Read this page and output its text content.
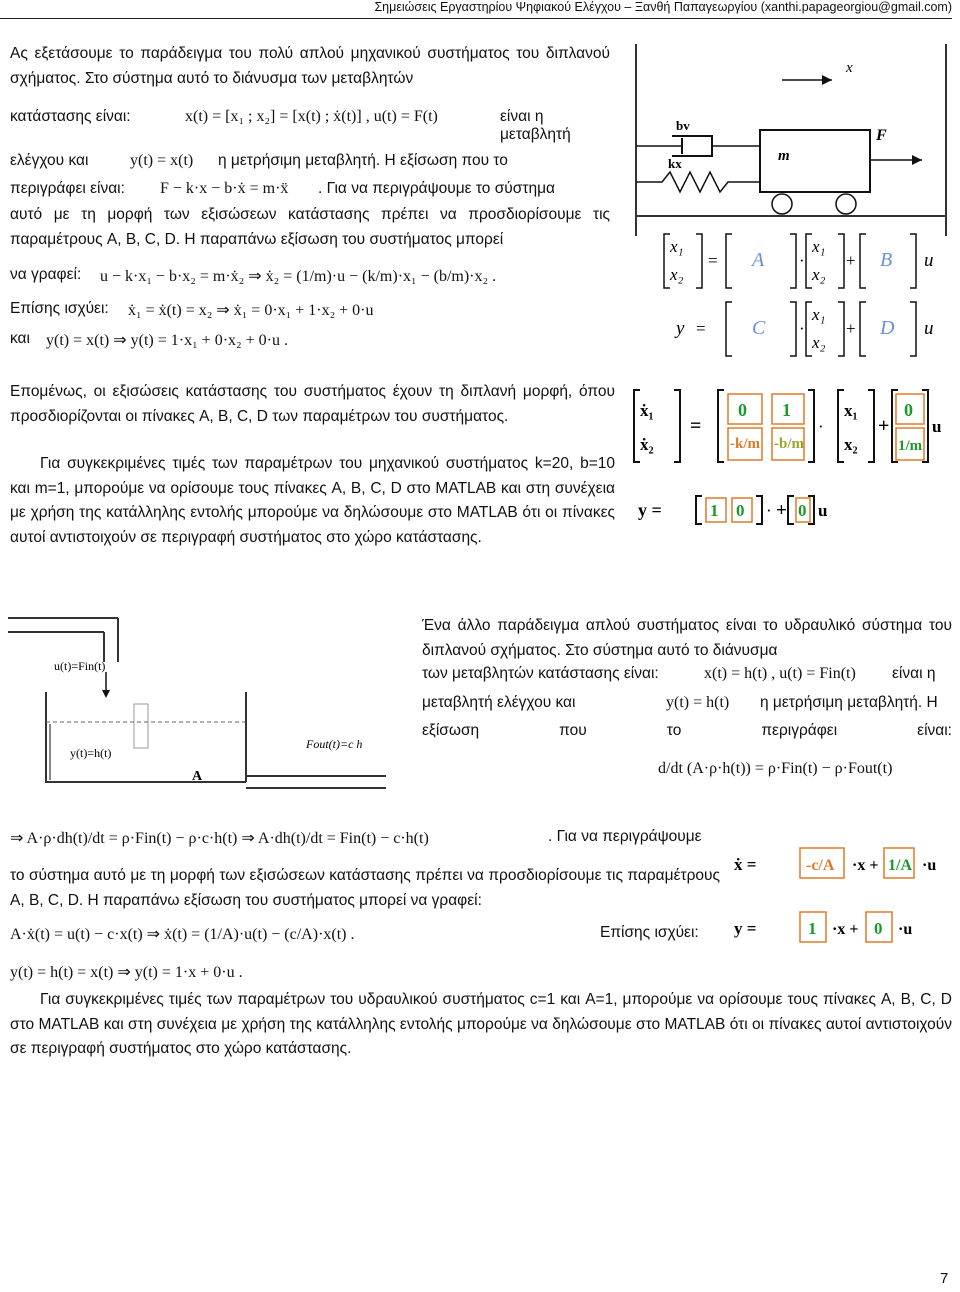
Σημειώσεις Εργαστηρίου Ψηφιακού Ελέγχου – Ξανθή Παπαγεωργίου (xanthi.papageorgiou@gmail.com)
Ας εξετάσουμε το παράδειγμα του πολύ απλού μηχανικού συστήματος του διπλανού σχήματος. Στο σύστημα αυτό το διάνυσμα των μεταβλητών
κατάστασης είναι:	x(t) = [x₁ ; x₂] = [x(t) ; ẋ(t)] , u(t) = F(t)	είναι η μεταβλητή
ελέγχου και	y(t) = x(t) η μετρήσιμη μεταβλητή. Η εξίσωση που το
περιγράφει είναι: F − k·x − b·ẋ = m·ẍ . Για να περιγράψουμε το σύστημα
αυτό με τη μορφή των εξισώσεων κατάστασης πρέπει να προσδιορίσουμε τις παραμέτρους A, B, C, D. Η παραπάνω εξίσωση του συστήματος μπορεί
να γραφεί: u − k·x₁ − b·x₂ = m·ẋ₂ ⇒ ẋ₂ = (1/m)·u − (k/m)·x₁ − (b/m)·x₂ .
Επίσης ισχύει: ẋ₁ = ẋ(t) = x₂ ⇒ ẋ₁ = 0·x₁ + 1·x₂ + 0·u
και y(t) = x(t) ⇒ y(t) = 1·x₁ + 0·x₂ + 0·u .
x
m
F
bv
kx
x₁
x₂
= A ·
x₁
x₂
+ B u
y = C ·
x₁
x₂
+ D u
Επομένως, οι εξισώσεις κατάστασης του συστήματος έχουν τη διπλανή μορφή, όπου προσδιορίζονται οι πίνακες A, B, C, D των παραμέτρων του συστήματος.
Για συγκεκριμένες τιμές των παραμέτρων του μηχανικού συστήματος k=20, b=10 και m=1, μπορούμε να ορίσουμε τους πίνακες A, B, C, D στο MATLAB και στη συνέχεια με χρήση της κατάλληλης εντολής μπορούμε να δηλώσουμε στο MATLAB ότι οι πίνακες αυτοί αντιστοιχούν σε περιγραφή συστήματος στο χώρο κατάστασης.
ẋ₁
ẋ₂
=
0 1
-k/m -b/m
·
x₁
x₂
+
0
1/m
u
y =	1 0 · + 0 u
u(t)=Fin(t)
y(t)=h(t)
A
Fout(t)=c h
Ένα άλλο παράδειγμα απλού συστήματος είναι το υδραυλικό σύστημα του διπλανού σχήματος. Στο σύστημα αυτό το διάνυσμα
των μεταβλητών κατάστασης είναι:	x(t) = h(t) , u(t) = Fin(t) είναι η
μεταβλητή ελέγχου και	y(t) = h(t) η μετρήσιμη μεταβλητή. Η
εξίσωση που το περιγράφει είναι:
d/dt (A·ρ·h(t)) = ρ·Fin(t) − ρ·Fout(t)
⇒ A·ρ·dh(t)/dt = ρ·Fin(t) − ρ·c·h(t) ⇒ A·dh(t)/dt = Fin(t) − c·h(t)	. Για να περιγράψουμε
το σύστημα αυτό με τη μορφή των εξισώσεων κατάστασης πρέπει να προσδιορίσουμε τις παραμέτρους A, B, C, D. Η παραπάνω εξίσωση του συστήματος μπορεί να γραφεί:
A·ẋ(t) = u(t) − c·x(t) ⇒ ẋ(t) = (1/A)·u(t) − (c/A)·x(t) .	Επίσης ισχύει:
y(t) = h(t) = x(t) ⇒ y(t) = 1·x + 0·u .
ẋ =	-c/A ·x + 1/A ·u
y =	1 ·x + 0 ·u
Για συγκεκριμένες τιμές των παραμέτρων του υδραυλικού συστήματος c=1 και A=1, μπορούμε να ορίσουμε τους πίνακες A, B, C, D στο MATLAB και στη συνέχεια με χρήση της κατάλληλης εντολής μπορούμε να δηλώσουμε στο MATLAB ότι οι πίνακες αυτοί αντιστοιχούν σε περιγραφή συστήματος στο χώρο κατάστασης.
7
